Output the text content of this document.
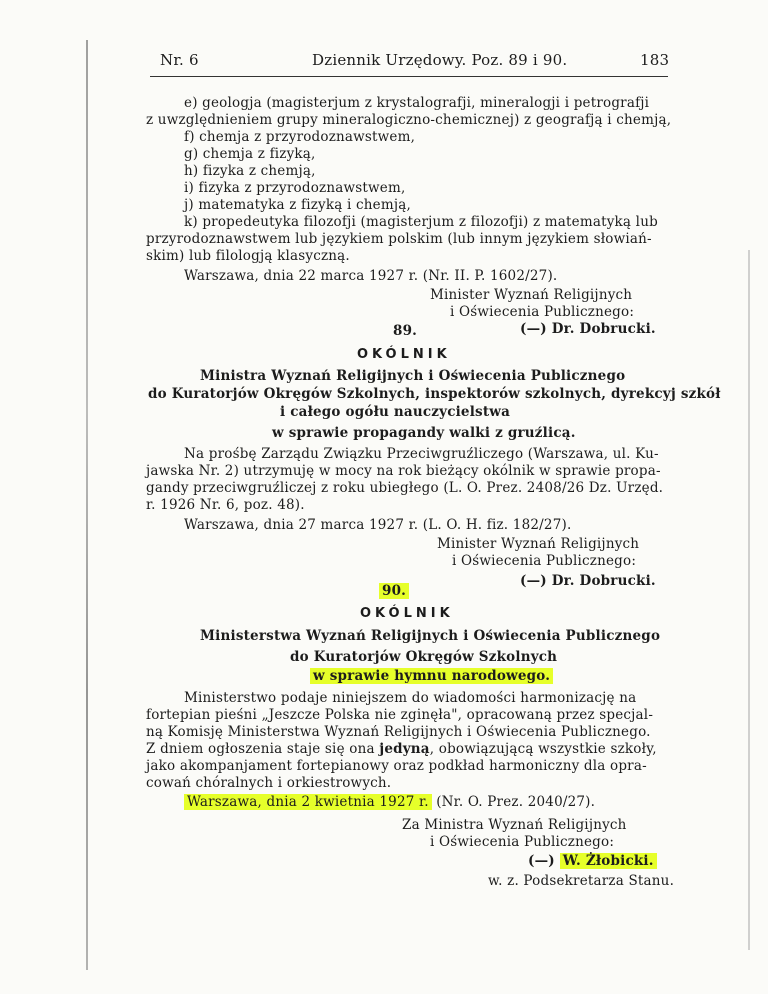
Nr. 6	Dziennik Urzędowy. Poz. 89 i 90.	183
e) geologja (magisterjum z krystalografji, mineralogji i petrografji
z uwzględnieniem grupy mineralogiczno-chemicznej) z geografją i chemją,
f) chemja z przyrodoznawstwem,
g) chemja z fizyką,
h) fizyka z chemją,
i) fizyka z przyrodoznawstwem,
j) matematyka z fizyką i chemją,
k) propedeutyka filozofji (magisterjum z filozofji) z matematyką lub
przyrodoznawstwem lub językiem polskim (lub innym językiem słowiań-
skim) lub filologją klasyczną.
Warszawa, dnia 22 marca 1927 r. (Nr. II. P. 1602/27).
Minister Wyznań Religijnych
i Oświecenia Publicznego:
(—) Dr. Dobrucki.
89.
OKÓLNIK
Ministra Wyznań Religijnych i Oświecenia Publicznego
do Kuratorjów Okręgów Szkolnych, inspektorów szkolnych, dyrekcyj szkół
i całego ogółu nauczycielstwa
w sprawie propagandy walki z gruźlicą.
Na prośbę Zarządu Związku Przeciwgruźliczego (Warszawa, ul. Ku-
jawska Nr. 2) utrzymuję w mocy na rok bieżący okólnik w sprawie propa-
gandy przeciwgruźliczej z roku ubiegłego (L. O. Prez. 2408/26 Dz. Urzęd.
r. 1926 Nr. 6, poz. 48).
Warszawa, dnia 27 marca 1927 r. (L. O. H. fiz. 182/27).
Minister Wyznań Religijnych
i Oświecenia Publicznego:
(—) Dr. Dobrucki.
90.
OKÓLNIK
Ministerstwa Wyznań Religijnych i Oświecenia Publicznego
do Kuratorjów Okręgów Szkolnych
w sprawie hymnu narodowego.
Ministerstwo podaje niniejszem do wiadomości harmonizację na
fortepian pieśni „Jeszcze Polska nie zginęła", opracowaną przez specjal-
ną Komisję Ministerstwa Wyznań Religijnych i Oświecenia Publicznego.
Z dniem ogłoszenia staje się ona jedyną, obowiązującą wszystkie szkoły,
jako akompanjament fortepianowy oraz podkład harmoniczny dla opra-
cowań chóralnych i orkiestrowych.
Warszawa, dnia 2 kwietnia 1927 r. (Nr. O. Prez. 2040/27).
Za Ministra Wyznań Religijnych
i Oświecenia Publicznego:
(—) W. Żłobicki.
w. z. Podsekretarza Stanu.
